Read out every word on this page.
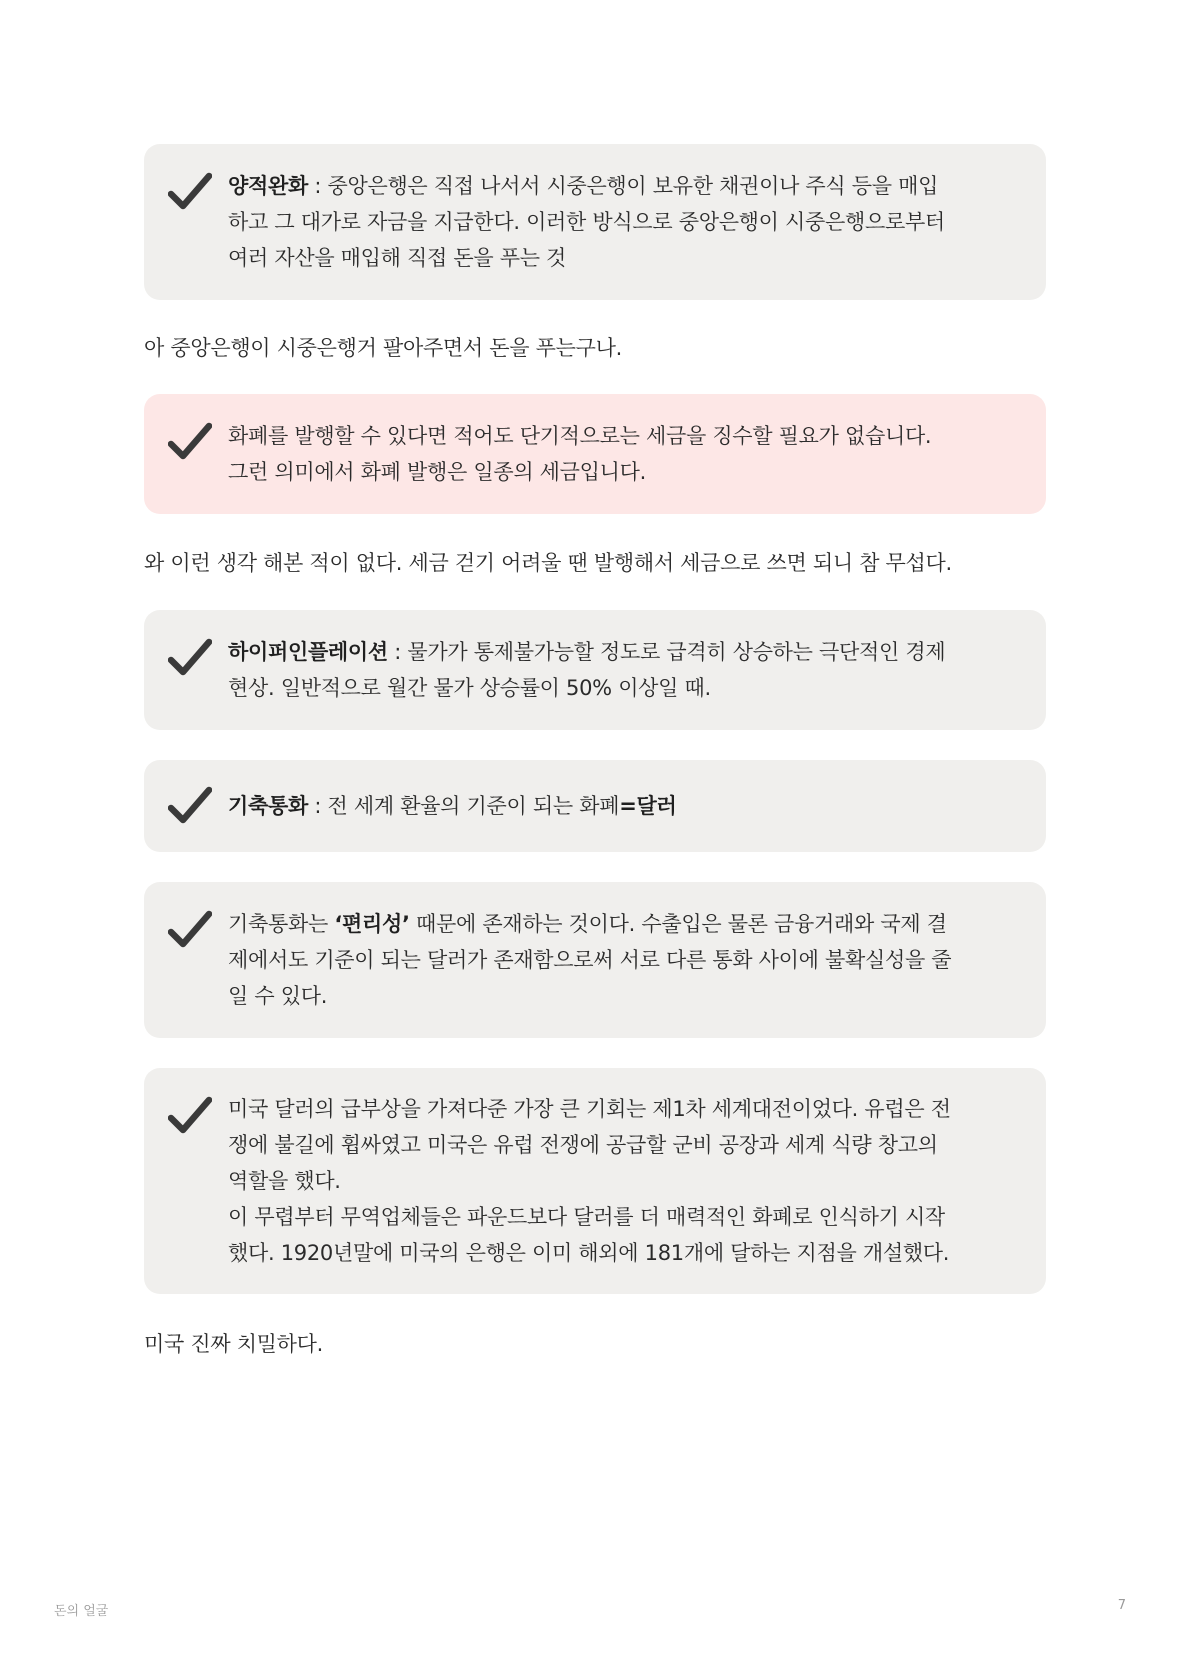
양적완화 : 중앙은행은 직접 나서서 시중은행이 보유한 채권이나 주식 등을 매입
하고 그 대가로 자금을 지급한다. 이러한 방식으로 중앙은행이 시중은행으로부터
여러 자산을 매입해 직접 돈을 푸는 것
아 중앙은행이 시중은행거 팔아주면서 돈을 푸는구나.
화폐를 발행할 수 있다면 적어도 단기적으로는 세금을 징수할 필요가 없습니다.
그런 의미에서 화폐 발행은 일종의 세금입니다.
와 이런 생각 해본 적이 없다. 세금 걷기 어려울 땐 발행해서 세금으로 쓰면 되니 참 무섭다.
하이퍼인플레이션 : 물가가 통제불가능할 정도로 급격히 상승하는 극단적인 경제
현상. 일반적으로 월간 물가 상승률이 50% 이상일 때.
기축통화 : 전 세계 환율의 기준이 되는 화폐=달러
기축통화는 ‘편리성’ 때문에 존재하는 것이다. 수출입은 물론 금융거래와 국제 결
제에서도 기준이 되는 달러가 존재함으로써 서로 다른 통화 사이에 불확실성을 줄
일 수 있다.
미국 달러의 급부상을 가져다준 가장 큰 기회는 제1차 세계대전이었다. 유럽은 전
쟁에 불길에 휩싸였고 미국은 유럽 전쟁에 공급할 군비 공장과 세계 식량 창고의
역할을 했다.
이 무렵부터 무역업체들은 파운드보다 달러를 더 매력적인 화폐로 인식하기 시작
했다. 1920년말에 미국의 은행은 이미 해외에 181개에 달하는 지점을 개설했다.
미국 진짜 치밀하다.
돈의 얼굴	7
